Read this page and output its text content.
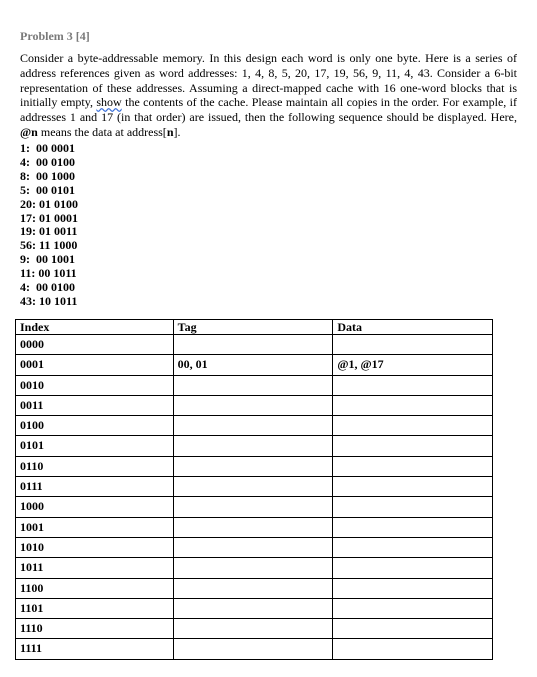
Problem 3 [4]
Consider a byte-addressable memory. In this design each word is only one byte. Here is a series of address references given as word addresses: 1, 4, 8, 5, 20, 17, 19, 56, 9, 11, 4, 43. Consider a 6-bit representation of these addresses. Assuming a direct-mapped cache with 16 one-word blocks that is initially empty, show the contents of the cache. Please maintain all copies in the order. For example, if addresses 1 and 17 (in that order) are issued, then the following sequence should be displayed. Here, @n means the data at address[n].
1:  00 0001
4:  00 0100
8:  00 1000
5:  00 0101
20: 01 0100
17: 01 0001
19: 01 0011
56: 11 1000
9:  00 1001
11: 00 1011
4:  00 0100
43: 10 1011
Index	Tag	Data
0000		
0001	00, 01	@1, @17
0010		
0011		
0100		
0101		
0110		
0111		
1000		
1001		
1010		
1011		
1100		
1101		
1110		
1111		
